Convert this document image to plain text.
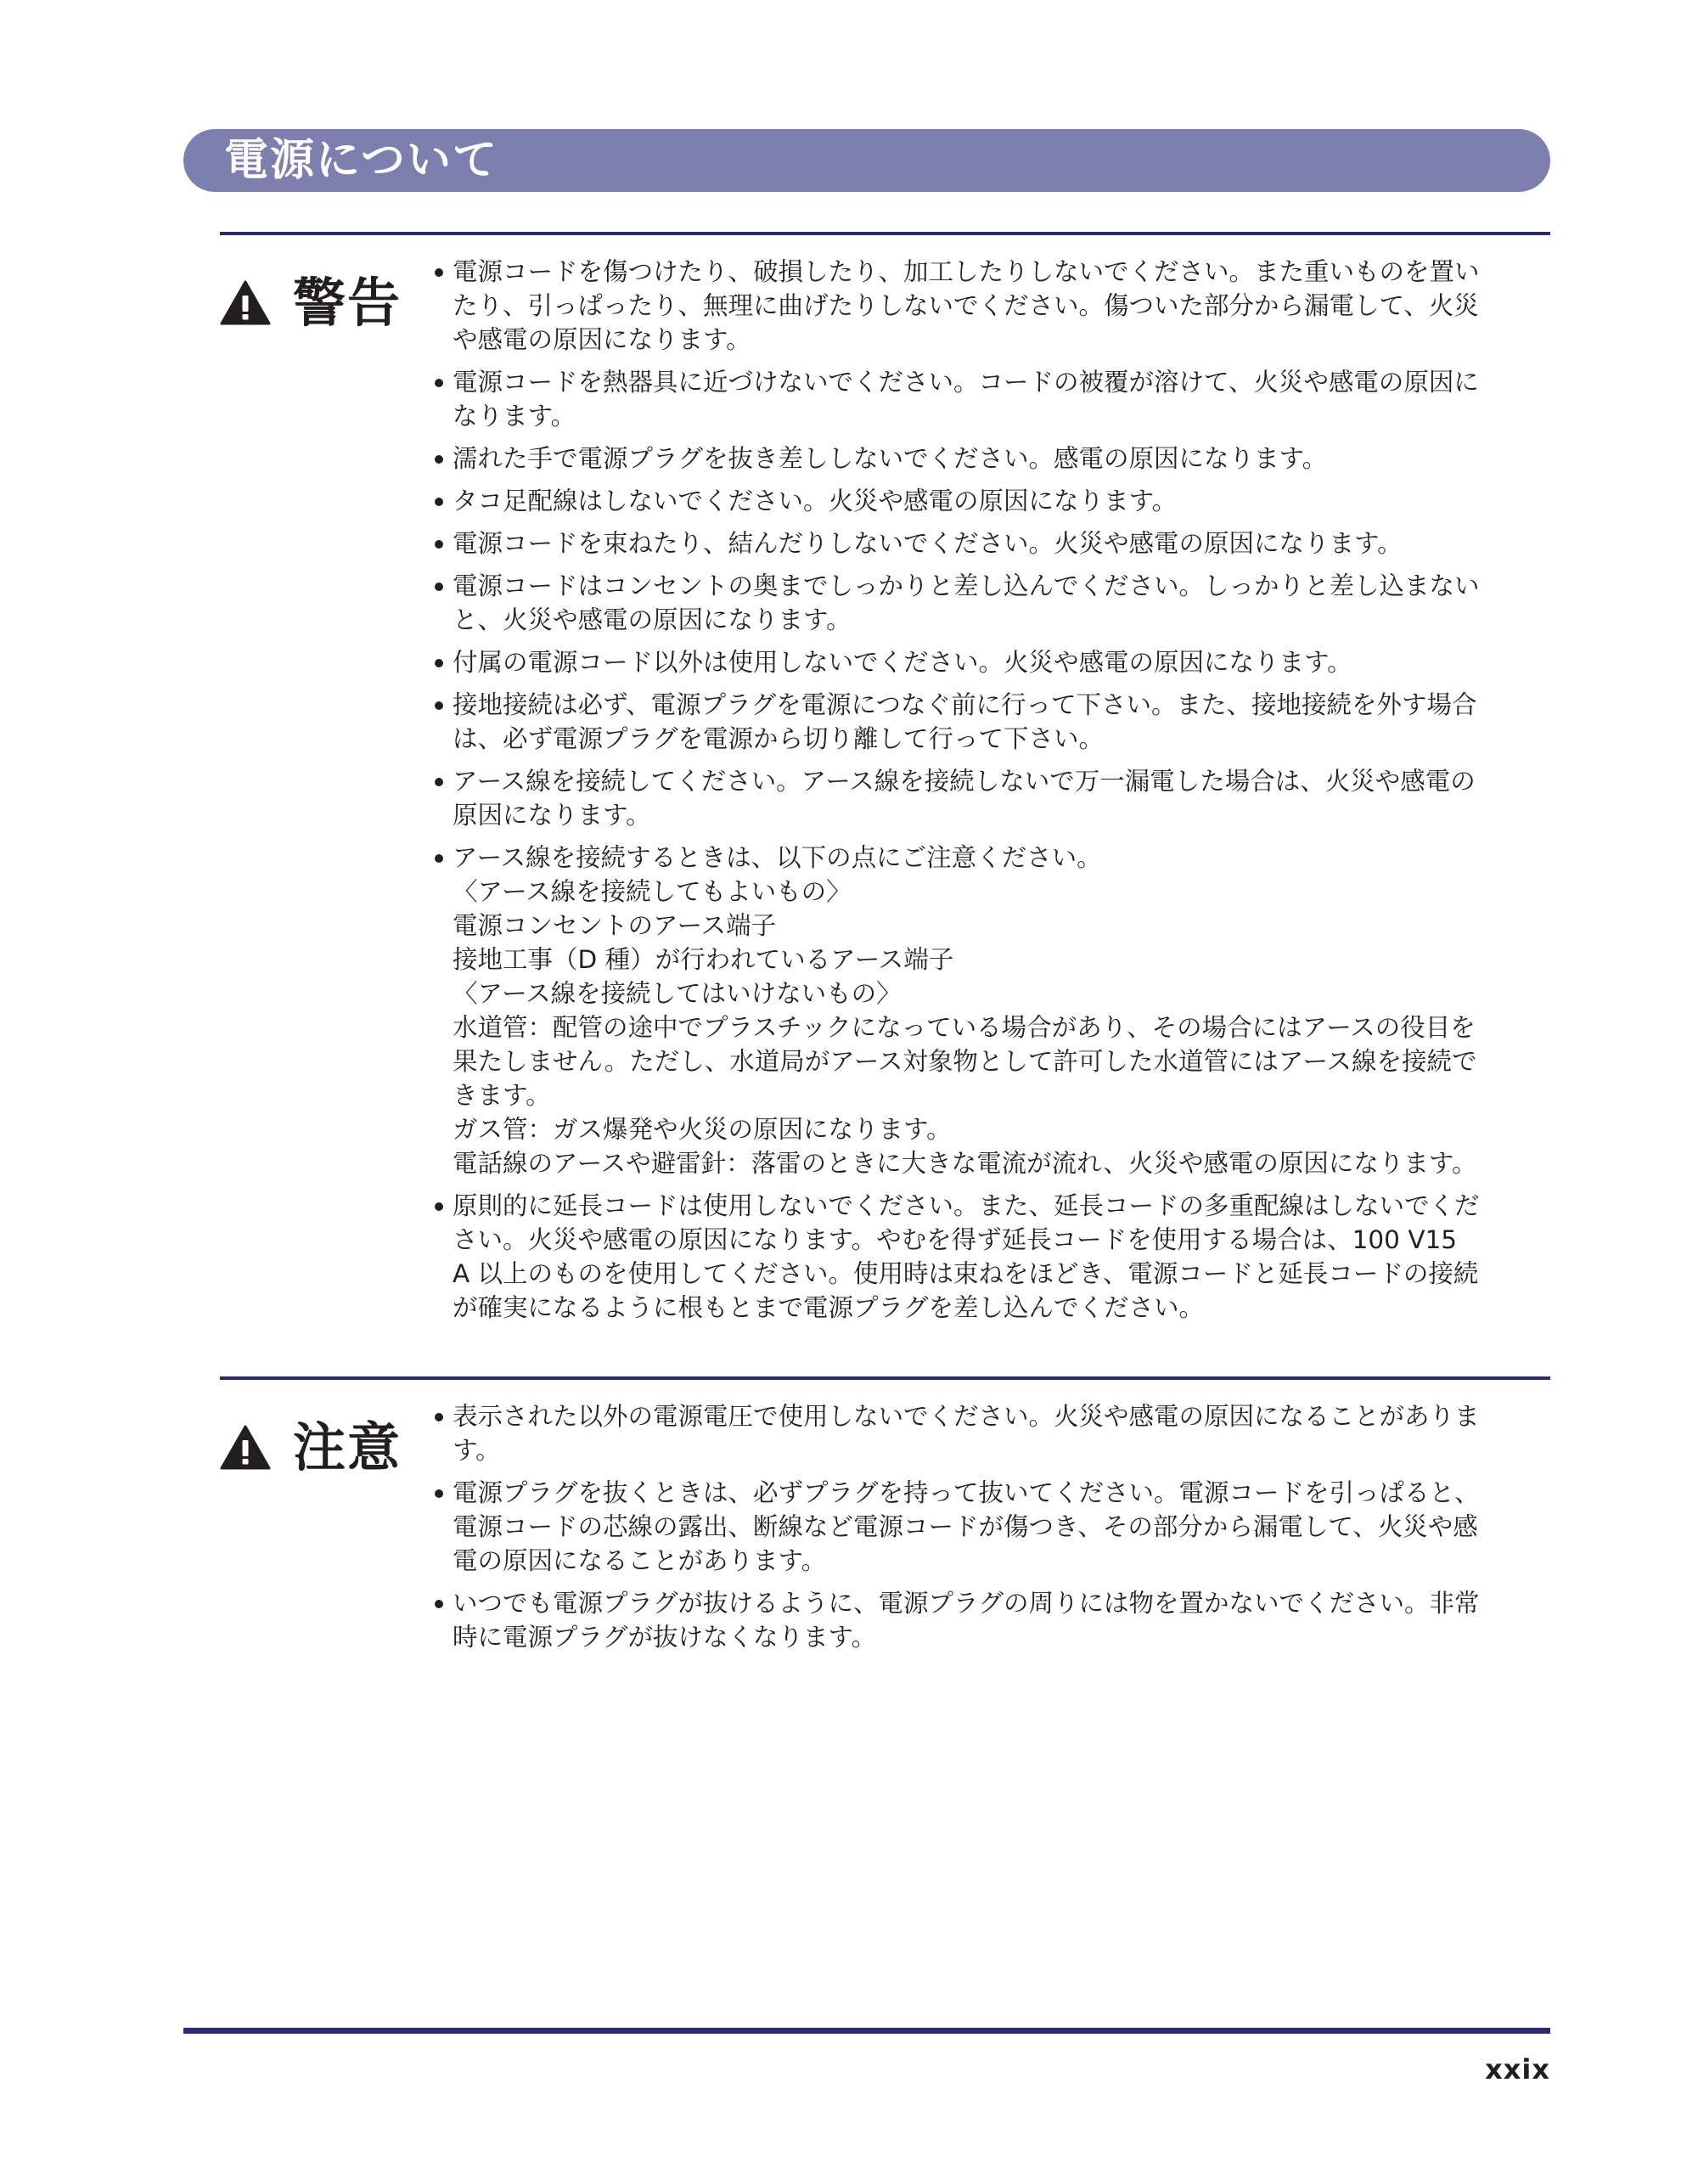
電源について
警告 電源コードを傷つけたり、破損したり、加工したりしないでください。また重いものを置い
たり、引っぱったり、無理に曲げたりしないでください。傷ついた部分から漏電して、火災
や感電の原因になります。
電源コードを熱器具に近づけないでください。コードの被覆が溶けて、火災や感電の原因に
なります。
濡れた手で電源プラグを抜き差ししないでください。感電の原因になります。
タコ足配線はしないでください。火災や感電の原因になります。
電源コードを束ねたり、結んだりしないでください。火災や感電の原因になります。
電源コードはコンセントの奥までしっかりと差し込んでください。しっかりと差し込まない
と、火災や感電の原因になります。
付属の電源コード以外は使用しないでください。火災や感電の原因になります。
接地接続は必ず、電源プラグを電源につなぐ前に行って下さい。また、接地接続を外す場合
は、必ず電源プラグを電源から切り離して行って下さい。
アース線を接続してください。アース線を接続しないで万一漏電した場合は、火災や感電の
原因になります。
アース線を接続するときは、以下の点にご注意ください。
〈アース線を接続してもよいもの〉
電源コンセントのアース端子
接地工事（D 種）が行われているアース端子
〈アース線を接続してはいけないもの〉
水道管：配管の途中でプラスチックになっている場合があり、その場合にはアースの役目を
果たしません。ただし、水道局がアース対象物として許可した水道管にはアース線を接続で
きます。
ガス管：ガス爆発や火災の原因になります。
電話線のアースや避雷針：落雷のときに大きな電流が流れ、火災や感電の原因になります。
原則的に延長コードは使用しないでください。また、延長コードの多重配線はしないでくだ
さい。火災や感電の原因になります。やむを得ず延長コードを使用する場合は、100 V15
A 以上のものを使用してください。使用時は束ねをほどき、電源コードと延長コードの接続
が確実になるように根もとまで電源プラグを差し込んでください。
注意 表示された以外の電源電圧で使用しないでください。火災や感電の原因になることがありま
す。
電源プラグを抜くときは、必ずプラグを持って抜いてください。電源コードを引っぱると、
電源コードの芯線の露出、断線など電源コードが傷つき、その部分から漏電して、火災や感
電の原因になることがあります。
いつでも電源プラグが抜けるように、電源プラグの周りには物を置かないでください。非常
時に電源プラグが抜けなくなります。
xxix
